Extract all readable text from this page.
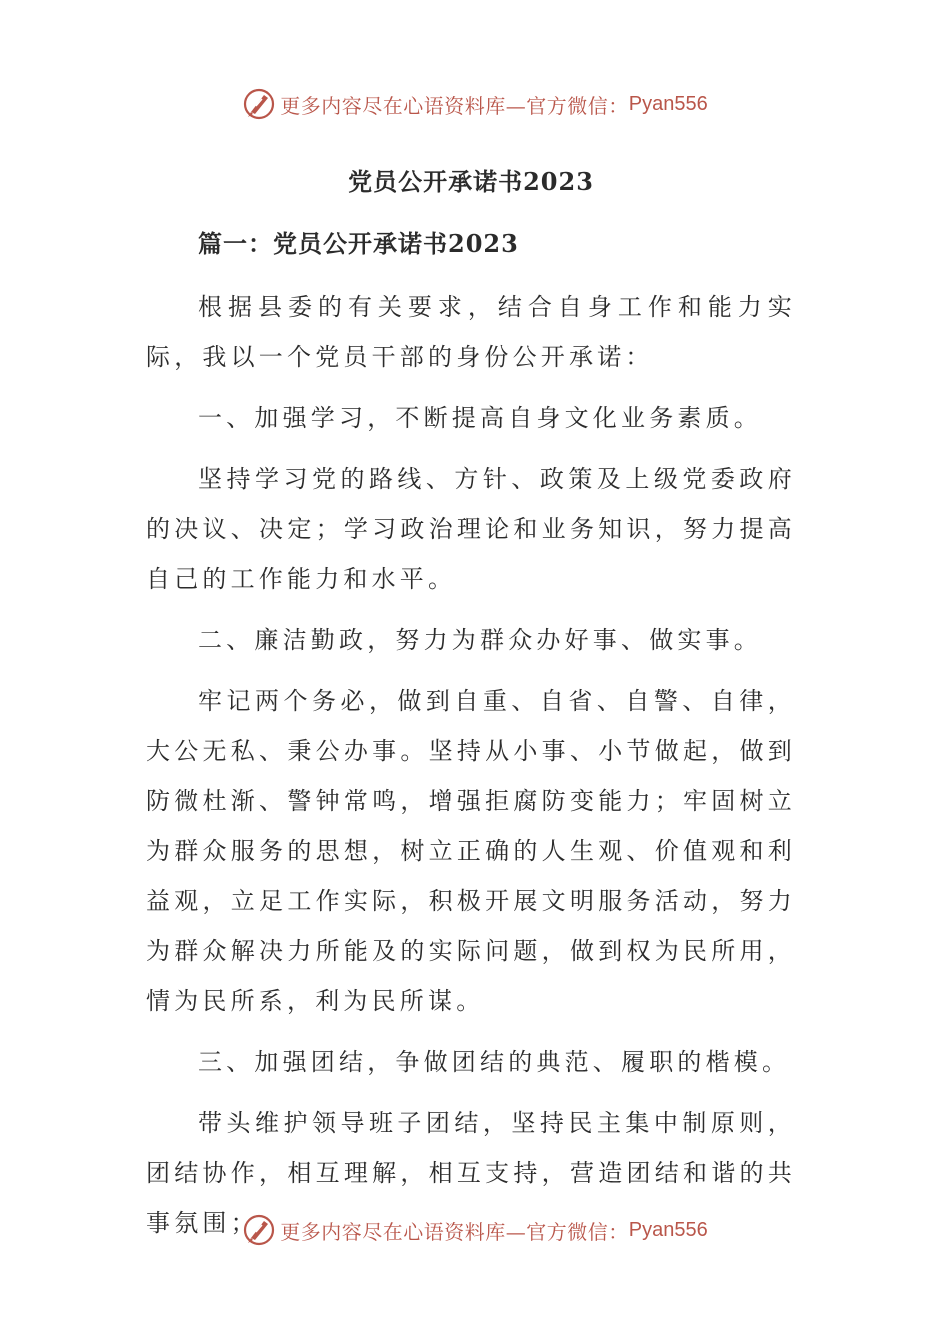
更多内容尽在心语资料库—官方微信： Pyan556
党员公开承诺书2023
篇一：党员公开承诺书2023

根据县委的有关要求，结合自身工作和能力实际，我以一个党员干部的身份公开承诺：

一、加强学习，不断提高自身文化业务素质。

坚持学习党的路线、方针、政策及上级党委政府的决议、决定；学习政治理论和业务知识，努力提高自己的工作能力和水平。

二、廉洁勤政，努力为群众办好事、做实事。

牢记两个务必，做到自重、自省、自警、自律，大公无私、秉公办事。坚持从小事、小节做起，做到防微杜渐、警钟常鸣，增强拒腐防变能力；牢固树立为群众服务的思想，树立正确的人生观、价值观和利益观，立足工作实际，积极开展文明服务活动，努力为群众解决力所能及的实际问题，做到权为民所用，情为民所系，利为民所谋。

三、加强团结，争做团结的典范、履职的楷模。

带头维护领导班子团结，坚持民主集中制原则，团结协作，相互理解，相互支持，营造团结和谐的共事氛围；	更多内容尽在心语资料库—官方微信： Pyan556
